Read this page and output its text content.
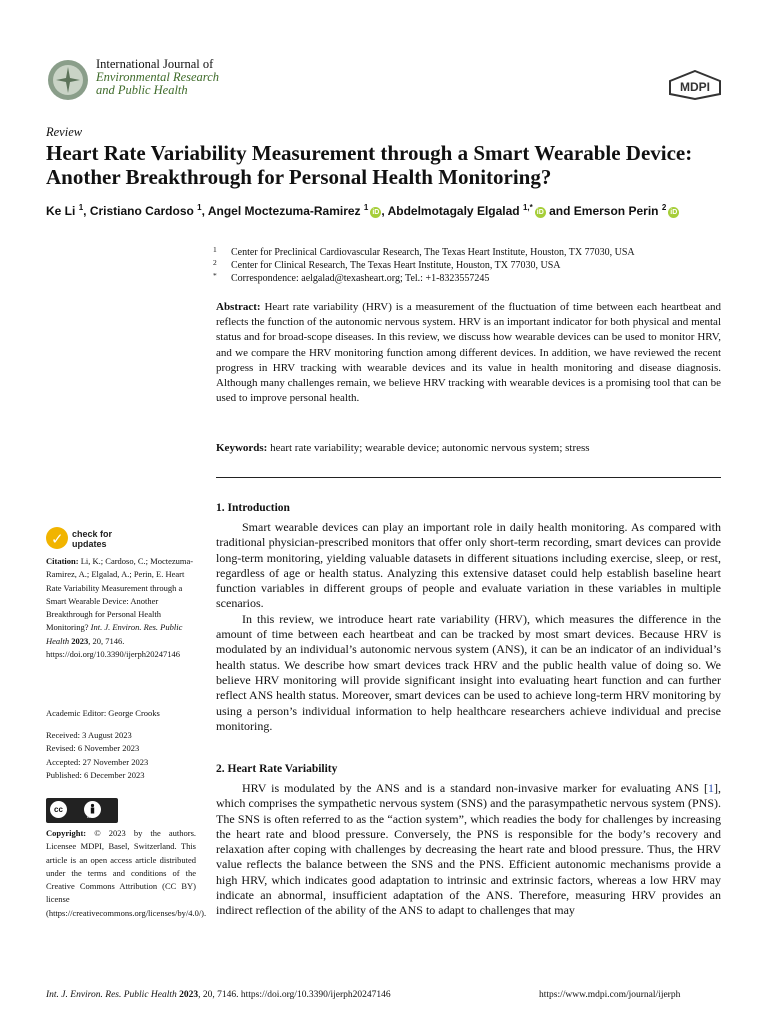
International Journal of
Environmental Research
and Public Health	MDPI
Review
Heart Rate Variability Measurement through a Smart Wearable Device: Another Breakthrough for Personal Health Monitoring?
Ke Li $^1$, Cristiano Cardoso $^1$, Angel Moctezuma-Ramirez $^1$iD , Abdelmotagaly Elgalad $^{1,*}$iD and Emerson Perin $^2$iD
1 Center for Preclinical Cardiovascular Research, The Texas Heart Institute, Houston, TX 77030, USA
2 Center for Clinical Research, The Texas Heart Institute, Houston, TX 77030, USA
* Correspondence: aelgalad@texasheart.org; Tel.: +1-8323557245
Abstract: Heart rate variability (HRV) is a measurement of the fluctuation of time between each heartbeat and reflects the function of the autonomic nervous system. HRV is an important indicator for both physical and mental status and for broad-scope diseases. In this review, we discuss how wearable devices can be used to monitor HRV, and we compare the HRV monitoring function among different devices. In addition, we have reviewed the recent progress in HRV tracking with wearable devices and its value in health monitoring and disease diagnosis. Although many challenges remain, we believe HRV tracking with wearable devices is a promising tool that can be used to improve personal health.
Keywords: heart rate variability; wearable device; autonomic nervous system; stress
1. Introduction

Smart wearable devices can play an important role in daily health monitoring. As compared with traditional physician-prescribed monitors that offer only short-term recording, smart devices can provide long-term monitoring, yielding valuable datasets in different situations including exercise, sleep, or rest, regardless of age or health status. Analyzing this extensive dataset could help establish baseline heart function variables in different groups of people and evaluate variation in these variables in multiple scenarios.

In this review, we introduce heart rate variability (HRV), which measures the difference in the amount of time between each heartbeat and can be tracked by most smart devices. Because HRV is modulated by an individual’s autonomic nervous system (ANS), it can be an indicator of an individual’s health status. We describe how smart devices track HRV and the public health value of doing so. We believe HRV monitoring will provide significant insight into evaluating heart function and can further reflect ANS health status. Moreover, smart devices can be used to achieve long-term HRV monitoring by using a person’s individual information to help healthcare researchers achieve individual and precise monitoring.

2. Heart Rate Variability

HRV is modulated by the ANS and is a standard non-invasive marker for evaluating ANS [1], which comprises the sympathetic nervous system (SNS) and the parasympathetic nervous system (PNS). The SNS is often referred to as the “action system”, which readies the body for challenges by increasing the heart rate and blood pressure. Conversely, the PNS is responsible for the body’s recovery and relaxation after coping with challenges by decreasing the heart rate and blood pressure. Thus, the HRV value reflects the balance between the SNS and the PNS. Efficient autonomic mechanisms provide a high HRV, which indicates good adaptation to intrinsic and extrinsic factors, whereas a low HRV may indicate an abnormal, insufficient adaptation of the ANS. Therefore, measuring HRV provides an indirect reflection of the ability of the ANS to adapt to challenges that may

✓ check for
updates
Citation: Li, K.; Cardoso, C.; Moctezuma-Ramirez, A.; Elgalad, A.; Perin, E. Heart Rate Variability Measurement through a Smart Wearable Device: Another Breakthrough for Personal Health Monitoring? Int. J. Environ. Res. Public Health 2023, 20, 7146. https://doi.org/10.3390/ijerph20247146
Academic Editor: George Crooks
Received: 3 August 2023
Revised: 6 November 2023
Accepted: 27 November 2023
Published: 6 December 2023
cc
BY
Copyright: © 2023 by the authors. Licensee MDPI, Basel, Switzerland. This article is an open access article distributed under the terms and conditions of the Creative Commons Attribution (CC BY) license (https://creativecommons.org/licenses/by/4.0/).
Int. J. Environ. Res. Public Health 2023, 20, 7146. https://doi.org/10.3390/ijerph20247146	https://www.mdpi.com/journal/ijerph
